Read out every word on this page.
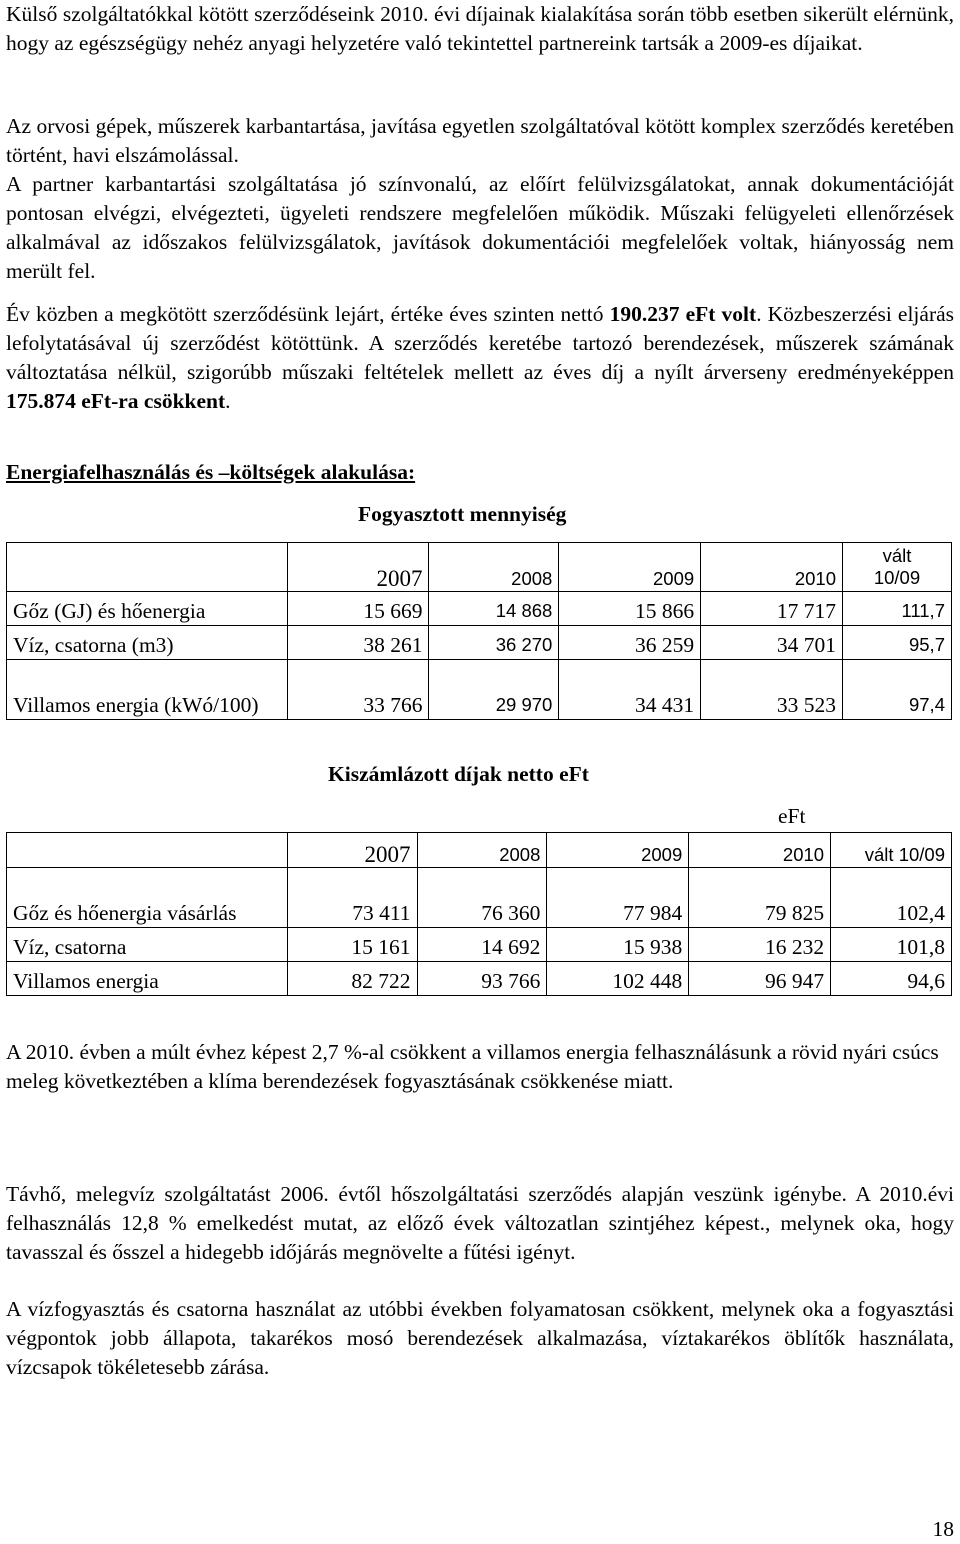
Külső szolgáltatókkal kötött szerződéseink 2010. évi díjainak kialakítása során több esetben sikerült elérnünk, hogy az egészségügy nehéz anyagi helyzetére való tekintettel partnereink tartsák a 2009-es díjaikat.

Az orvosi gépek, műszerek karbantartása, javítása egyetlen szolgáltatóval kötött komplex szerződés keretében történt, havi elszámolással.

A partner karbantartási szolgáltatása jó színvonalú, az előírt felülvizsgálatokat, annak dokumentációját pontosan elvégzi, elvégezteti, ügyeleti rendszere megfelelően működik. Műszaki felügyeleti ellenőrzések alkalmával az időszakos felülvizsgálatok, javítások dokumentációi megfelelőek voltak, hiányosság nem merült fel.

Év közben a megkötött szerződésünk lejárt, értéke éves szinten nettó 190.237 eFt volt. Közbeszerzési eljárás lefolytatásával új szerződést kötöttünk. A szerződés keretébe tartozó berendezések, műszerek számának változtatása nélkül, szigorúbb műszaki feltételek mellett az éves díj a nyílt árverseny eredményeképpen 175.874 eFt-ra csökkent.

Energiafelhasználás és –költségek alakulása:

Fogyasztott mennyiség
	2007	2008	2009	2010	vált 10/09
Gőz (GJ) és hőenergia	15 669	14 868	15 866	17 717	111,7
Víz, csatorna (m3)	38 261	36 270	36 259	34 701	95,7
Villamos energia (kWó/100)	33 766	29 970	34 431	33 523	97,4
Kiszámlázott díjak netto eFt
eFt
	2007	2008	2009	2010	vált 10/09
Gőz és hőenergia vásárlás	73 411	76 360	77 984	79 825	102,4
Víz, csatorna	15 161	14 692	15 938	16 232	101,8
Villamos energia	82 722	93 766	102 448	96 947	94,6

A 2010. évben a múlt évhez képest 2,7 %-al csökkent a villamos energia felhasználásunk a rövid nyári csúcs meleg következtében a klíma berendezések fogyasztásának csökkenése miatt.

Távhő, melegvíz szolgáltatást 2006. évtől hőszolgáltatási szerződés alapján veszünk igénybe. A 2010.évi felhasználás 12,8 % emelkedést mutat, az előző évek változatlan szintjéhez képest., melynek oka, hogy tavasszal és ősszel a hidegebb időjárás megnövelte a fűtési igényt.

A vízfogyasztás és csatorna használat az utóbbi években folyamatosan csökkent, melynek oka a fogyasztási végpontok jobb állapota, takarékos mosó berendezések alkalmazása, víztakarékos öblítők használata, vízcsapok tökéletesebb zárása.

18
